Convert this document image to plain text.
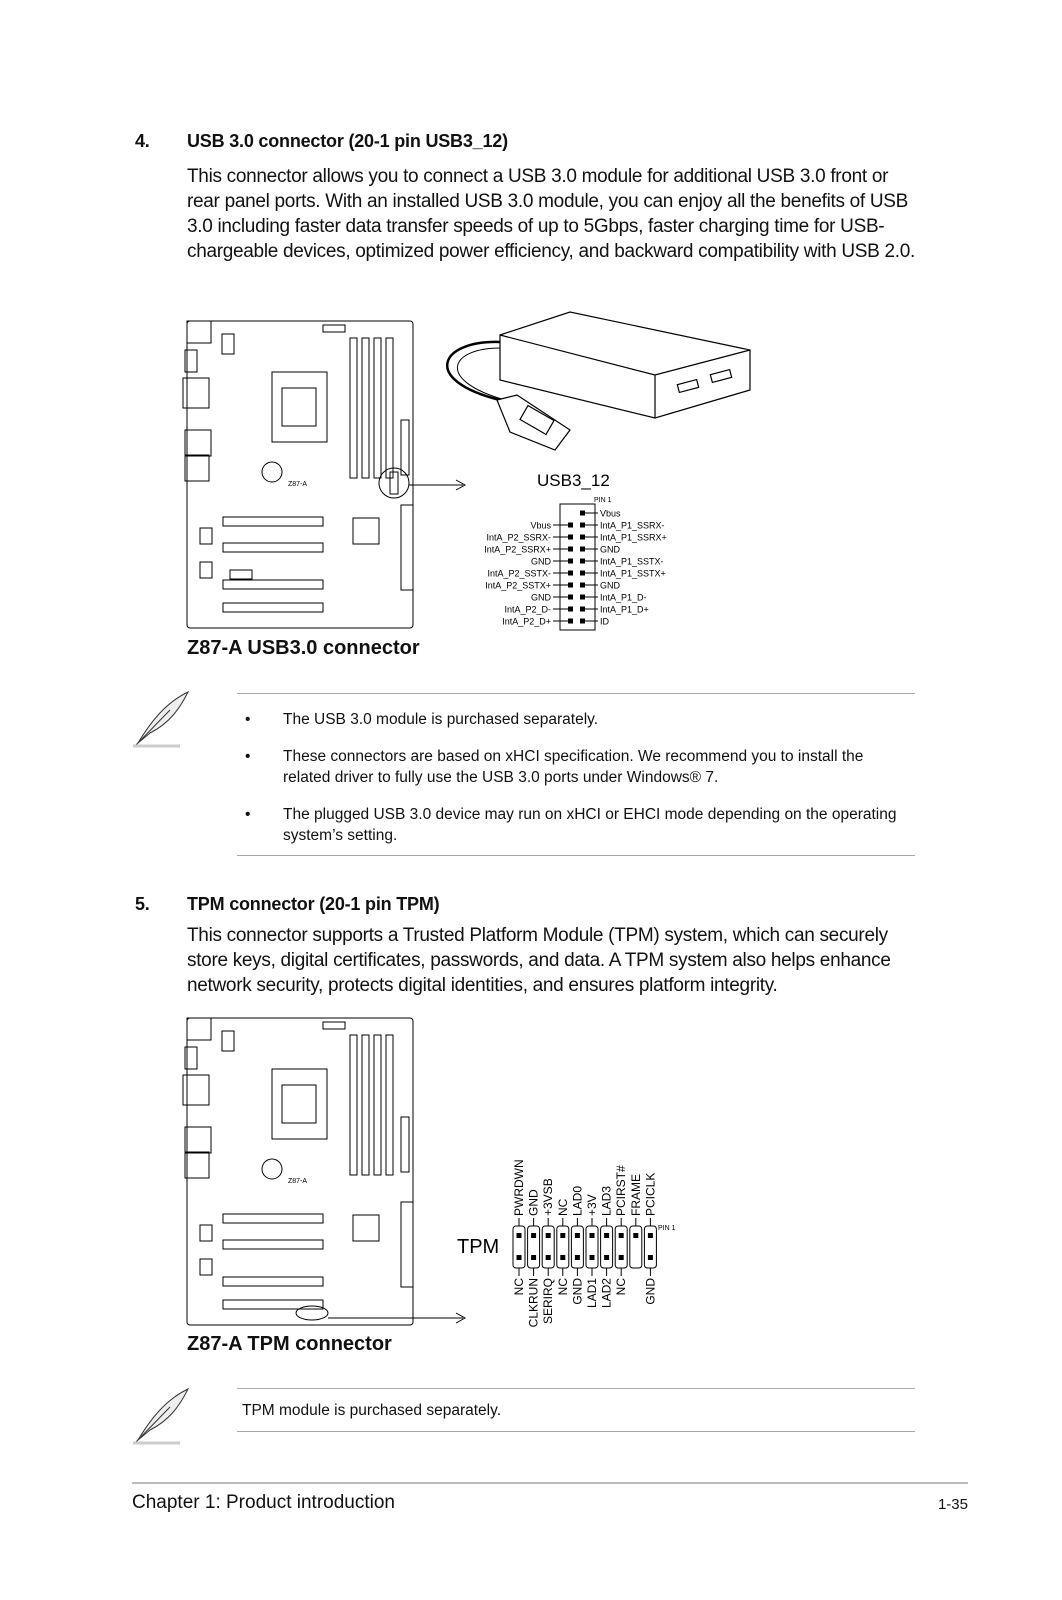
4. USB 3.0 connector (20-1 pin USB3_12)
This connector allows you to connect a USB 3.0 module for additional USB 3.0 front or rear panel ports. With an installed USB 3.0 module, you can enjoy all the benefits of USB 3.0 including faster data transfer speeds of up to 5Gbps, faster charging time for USB-chargeable devices, optimized power efficiency, and backward compatibility with USB 2.0.
Z87-A	USB3_12
PIN 1
Vbus
IntA_P1_SSRX-
Vbus
IntA_P1_SSRX+
IntA_P2_SSRX-
GND
IntA_P2_SSRX+
IntA_P1_SSTX-
GND
IntA_P1_SSTX+
IntA_P2_SSTX-
GND
IntA_P2_SSTX+
IntA_P1_D-
GND
IntA_P1_D+
IntA_P2_D-
ID
IntA_P2_D+
Z87-A USB3.0 connector
• The USB 3.0 module is purchased separately.
• These connectors are based on xHCI specification. We recommend you to install the related driver to fully use the USB 3.0 ports under Windows® 7.
• The plugged USB 3.0 device may run on xHCI or EHCI mode depending on the operating system’s setting.
5. TPM connector (20-1 pin TPM)
This connector supports a Trusted Platform Module (TPM) system, which can securely store keys, digital certificates, passwords, and data. A TPM system also helps enhance network security, protects digital identities, and ensures platform integrity.
Z87-A
TPM
PIN 1
PWRDWN
NC
GND
CLKRUN
+3VSB
SERIRQ
NC
NC
LAD0
GND
+3V
LAD1
LAD3
LAD2
PCIRST#
NC
FRAME PCICLK
GND
Z87-A TPM connector
TPM module is purchased separately.
Chapter 1: Product introduction	1-35
